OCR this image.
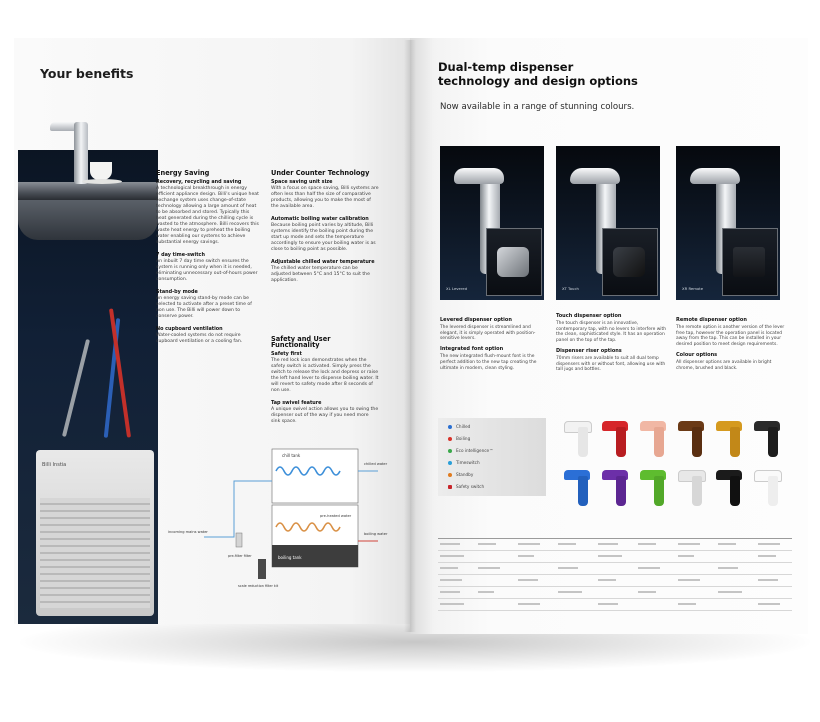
Your benefits
Billi Instia
Energy Saving
Recovery, recycling and saving

A technological breakthrough in energy efficient appliance design. Billi's unique heat exchange system uses change-of-state technology allowing a large amount of heat to be absorbed and stored. Typically this heat generated during the chilling cycle is wasted to the atmosphere. Billi recovers this waste heat energy to preheat the boiling water enabling our systems to achieve substantial energy savings.

7 day time-switch

An inbuilt 7 day time switch ensures the system is running only when it is needed, eliminating unnecessary out-of-hours power consumption.

Stand-by mode

An energy saving stand-by mode can be selected to activate after a preset time of non use. The Billi will power down to conserve power.

No cupboard ventilation

Water-cooled systems do not require cupboard ventilation or a cooling fan.

Under Counter Technology
Space saving unit size

With a focus on space saving, Billi systems are often less than half the size of comparative products, allowing you to make the most of the available area.

Automatic boiling water calibration

Because boiling point varies by altitude, Billi systems identify the boiling point during the start up mode and sets the temperature accordingly to ensure your boiling water is as close to boiling point as possible.

Adjustable chilled water temperature

The chilled water temperature can be adjusted between 5°C and 15°C to suit the application.

Safety and User Functionality
Safety first

The red lock icon demonstrates when the safety switch is activated. Simply press the switch to release the lock and depress or raise the left hand lever to dispense boiling water. It will revert to safety mode after 8 seconds of non use.

Tap swivel feature

A unique swivel action allows you to swing the dispenser out of the way if you need more sink space.

chill tank
boiling tank
pre-heated water
incoming mains water
pre-filter filter
scale reduction filter kit
chilled water
boiling water
Dual-temp dispenser
technology and design options
Now available in a range of stunning colours.
XL Levered	XT Touch	XR Remote
Levered dispenser option

The levered dispenser is streamlined and elegant, it is simply operated with position-sensitive levers.

Integrated font option

The new integrated flush-mount font is the perfect addition to the new tap creating the ultimate in modern, clean styling.

Touch dispenser option

The touch dispenser is an innovative, contemporary tap, with no levers to interfere with the clean, sophisticated style. It has an operation panel on the top of the tap.

Dispenser riser options

70mm risers are available to suit all dual temp dispensers with or without font, allowing use with tall jugs and bottles.

Remote dispenser option

The remote option is another version of the lever free tap, however the operation panel is located away from the tap. This can be installed in your desired position to meet design requirements.

Colour options

All dispenser options are available in bright chrome, brushed and black.

Chilled
Boiling
Eco intelligence™
Timeswitch
Standby
Safety switch
